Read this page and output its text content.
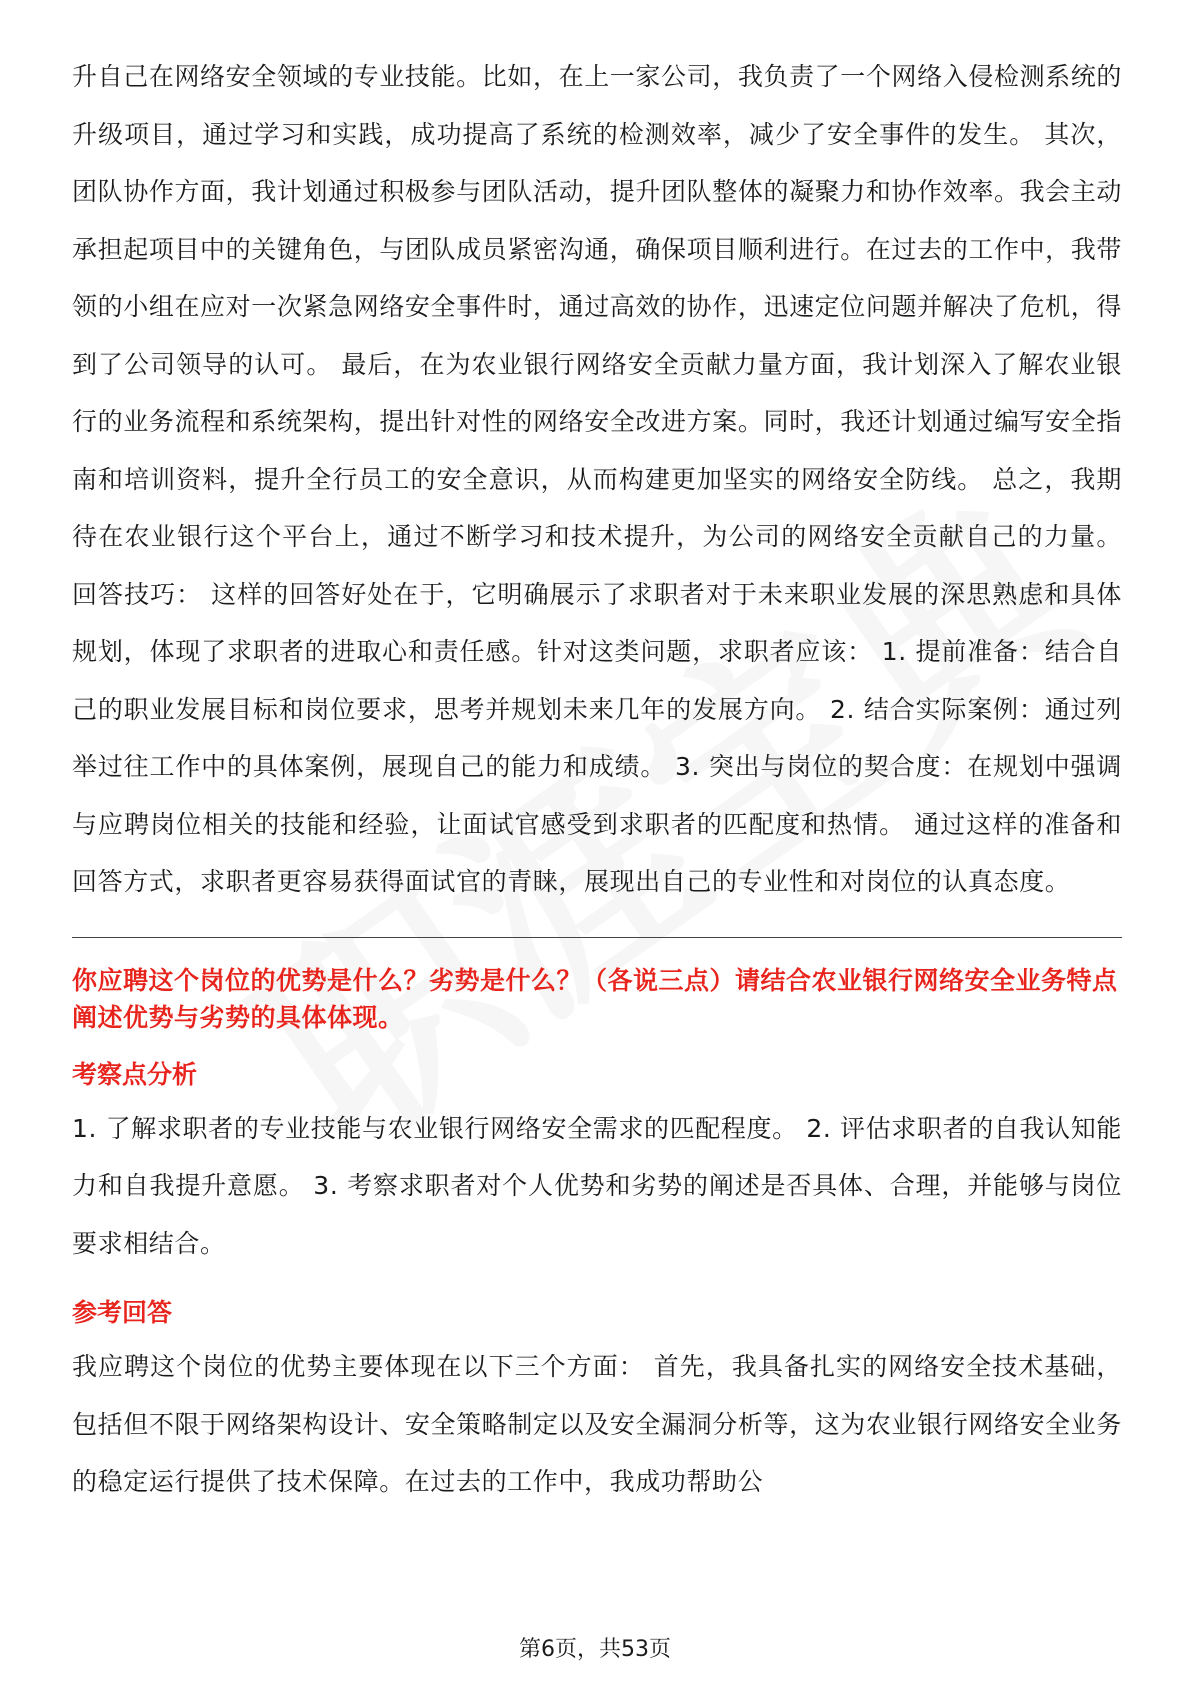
升自己在网络安全领域的专业技能。比如，在上一家公司，我负责了一个网络入侵检测系统的升级项目，通过学习和实践，成功提高了系统的检测效率，减少了安全事件的发生。 其次，团队协作方面，我计划通过积极参与团队活动，提升团队整体的凝聚力和协作效率。我会主动承担起项目中的关键角色，与团队成员紧密沟通，确保项目顺利进行。在过去的工作中，我带领的小组在应对一次紧急网络安全事件时，通过高效的协作，迅速定位问题并解决了危机，得到了公司领导的认可。 最后，在为农业银行网络安全贡献力量方面，我计划深入了解农业银行的业务流程和系统架构，提出针对性的网络安全改进方案。同时，我还计划通过编写安全指南和培训资料，提升全行员工的安全意识，从而构建更加坚实的网络安全防线。 总之，我期待在农业银行这个平台上，通过不断学习和技术提升，为公司的网络安全贡献自己的力量。 回答技巧： 这样的回答好处在于，它明确展示了求职者对于未来职业发展的深思熟虑和具体规划，体现了求职者的进取心和责任感。针对这类问题，求职者应该： 1. 提前准备：结合自己的职业发展目标和岗位要求，思考并规划未来几年的发展方向。 2. 结合实际案例：通过列举过往工作中的具体案例，展现自己的能力和成绩。 3. 突出与岗位的契合度：在规划中强调与应聘岗位相关的技能和经验，让面试官感受到求职者的匹配度和热情。 通过这样的准备和回答方式，求职者更容易获得面试官的青睐，展现出自己的专业性和对岗位的认真态度。

你应聘这个岗位的优势是什么？劣势是什么？（各说三点）请结合农业银行网络安全业务特点阐述优势与劣势的具体体现。

考察点分析

1. 了解求职者的专业技能与农业银行网络安全需求的匹配程度。 2. 评估求职者的自我认知能力和自我提升意愿。 3. 考察求职者对个人优势和劣势的阐述是否具体、合理，并能够与岗位要求相结合。

参考回答

我应聘这个岗位的优势主要体现在以下三个方面： 首先，我具备扎实的网络安全技术基础，包括但不限于网络架构设计、安全策略制定以及安全漏洞分析等，这为农业银行网络安全业务的稳定运行提供了技术保障。在过去的工作中，我成功帮助公

第6页，共53页
